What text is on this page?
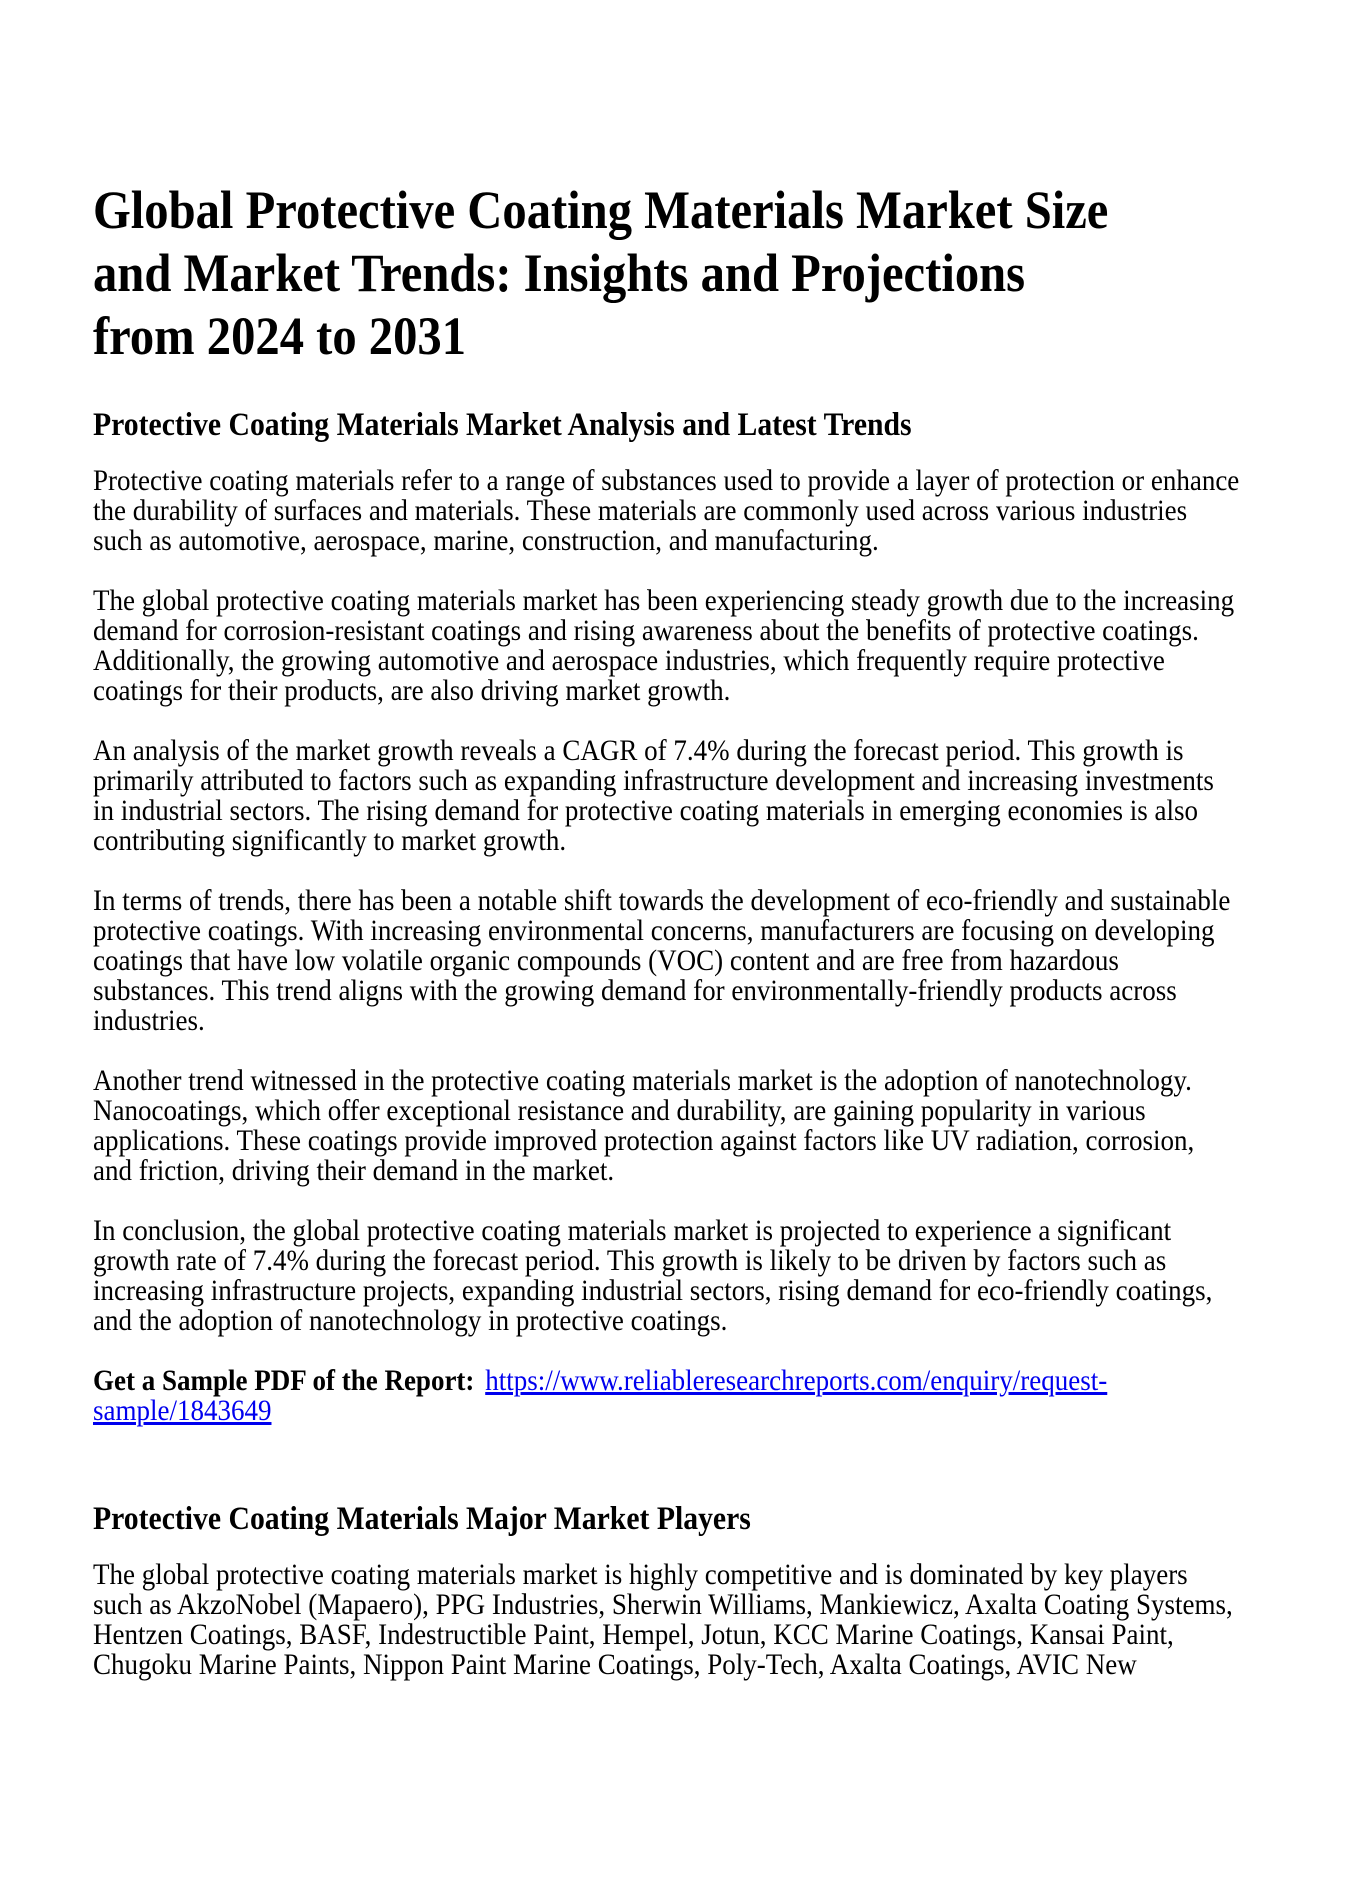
Global Protective Coating Materials Market Size
and Market Trends: Insights and Projections
from 2024 to 2031
Protective Coating Materials Market Analysis and Latest Trends

Protective coating materials refer to a range of substances used to provide a layer of protection or enhance
the durability of surfaces and materials. These materials are commonly used across various industries
such as automotive, aerospace, marine, construction, and manufacturing.

The global protective coating materials market has been experiencing steady growth due to the increasing
demand for corrosion-resistant coatings and rising awareness about the benefits of protective coatings.
Additionally, the growing automotive and aerospace industries, which frequently require protective
coatings for their products, are also driving market growth.

An analysis of the market growth reveals a CAGR of 7.4% during the forecast period. This growth is
primarily attributed to factors such as expanding infrastructure development and increasing investments
in industrial sectors. The rising demand for protective coating materials in emerging economies is also
contributing significantly to market growth.

In terms of trends, there has been a notable shift towards the development of eco-friendly and sustainable
protective coatings. With increasing environmental concerns, manufacturers are focusing on developing
coatings that have low volatile organic compounds (VOC) content and are free from hazardous
substances. This trend aligns with the growing demand for environmentally-friendly products across
industries.

Another trend witnessed in the protective coating materials market is the adoption of nanotechnology.
Nanocoatings, which offer exceptional resistance and durability, are gaining popularity in various
applications. These coatings provide improved protection against factors like UV radiation, corrosion,
and friction, driving their demand in the market.

In conclusion, the global protective coating materials market is projected to experience a significant
growth rate of 7.4% during the forecast period. This growth is likely to be driven by factors such as
increasing infrastructure projects, expanding industrial sectors, rising demand for eco-friendly coatings,
and the adoption of nanotechnology in protective coatings.

Get a Sample PDF of the Report: https://www.reliableresearchreports.com/enquiry/request-
sample/1843649

Protective Coating Materials Major Market Players

The global protective coating materials market is highly competitive and is dominated by key players
such as AkzoNobel (Mapaero), PPG Industries, Sherwin Williams, Mankiewicz, Axalta Coating Systems,
Hentzen Coatings, BASF, Indestructible Paint, Hempel, Jotun, KCC Marine Coatings, Kansai Paint,
Chugoku Marine Paints, Nippon Paint Marine Coatings, Poly-Tech, Axalta Coatings, AVIC New
